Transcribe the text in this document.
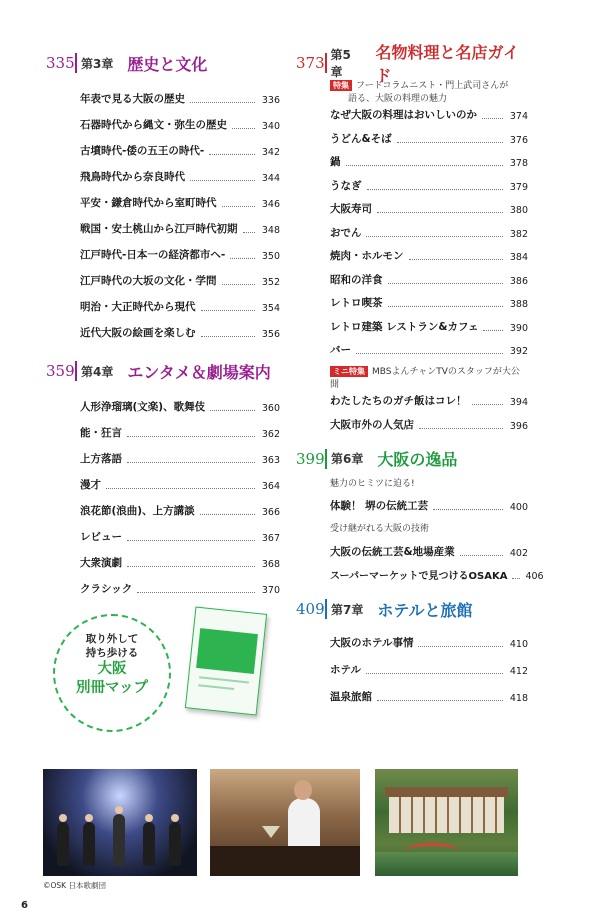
335 第3章 歴史と文化
年表で見る大阪の歴史	336
石器時代から縄文・弥生の歴史	340
古墳時代-倭の五王の時代-	342
飛鳥時代から奈良時代	344
平安・鎌倉時代から室町時代	346
戦国・安土桃山から江戸時代初期	348
江戸時代-日本一の経済都市へ-	350
江戸時代の大坂の文化・学問	352
明治・大正時代から現代	354
近代大阪の絵画を楽しむ	356
359 第4章 エンタメ＆劇場案内
人形浄瑠璃(文楽)、歌舞伎	360
能・狂言	362
上方落語	363
漫才	364
浪花節(浪曲)、上方講談	366
レビュー	367
大衆演劇	368
クラシック	370
373 第5章
名物料理と名店ガイド
特集 フードコラムニスト・門上武司さんが
語る、大阪の料理の魅力
なぜ大阪の料理はおいしいのか	374
うどん&そば	376
鍋	378
うなぎ	379
大阪寿司	380
おでん	382
焼肉・ホルモン	384
昭和の洋食	386
レトロ喫茶	388
レトロ建築 レストラン&カフェ	390
バー	392
ミニ特集 MBSよんチャンTVのスタッフが大公開
わたしたちのガチ飯はコレ！	394
大阪市外の人気店	396
399 第6章 大阪の逸品
魅力のヒミツに迫る!
体験！ 堺の伝統工芸	400
受け継がれる大阪の技術
大阪の伝統工芸&地場産業	402
スーパーマーケットで見つけるOSAKA 406
409 第7章 ホテルと旅館
大阪のホテル事情	410
ホテル	412
温泉旅館	418
取り外して
持ち歩ける
大阪
別冊マップ
©OSK 日本歌劇団
6
